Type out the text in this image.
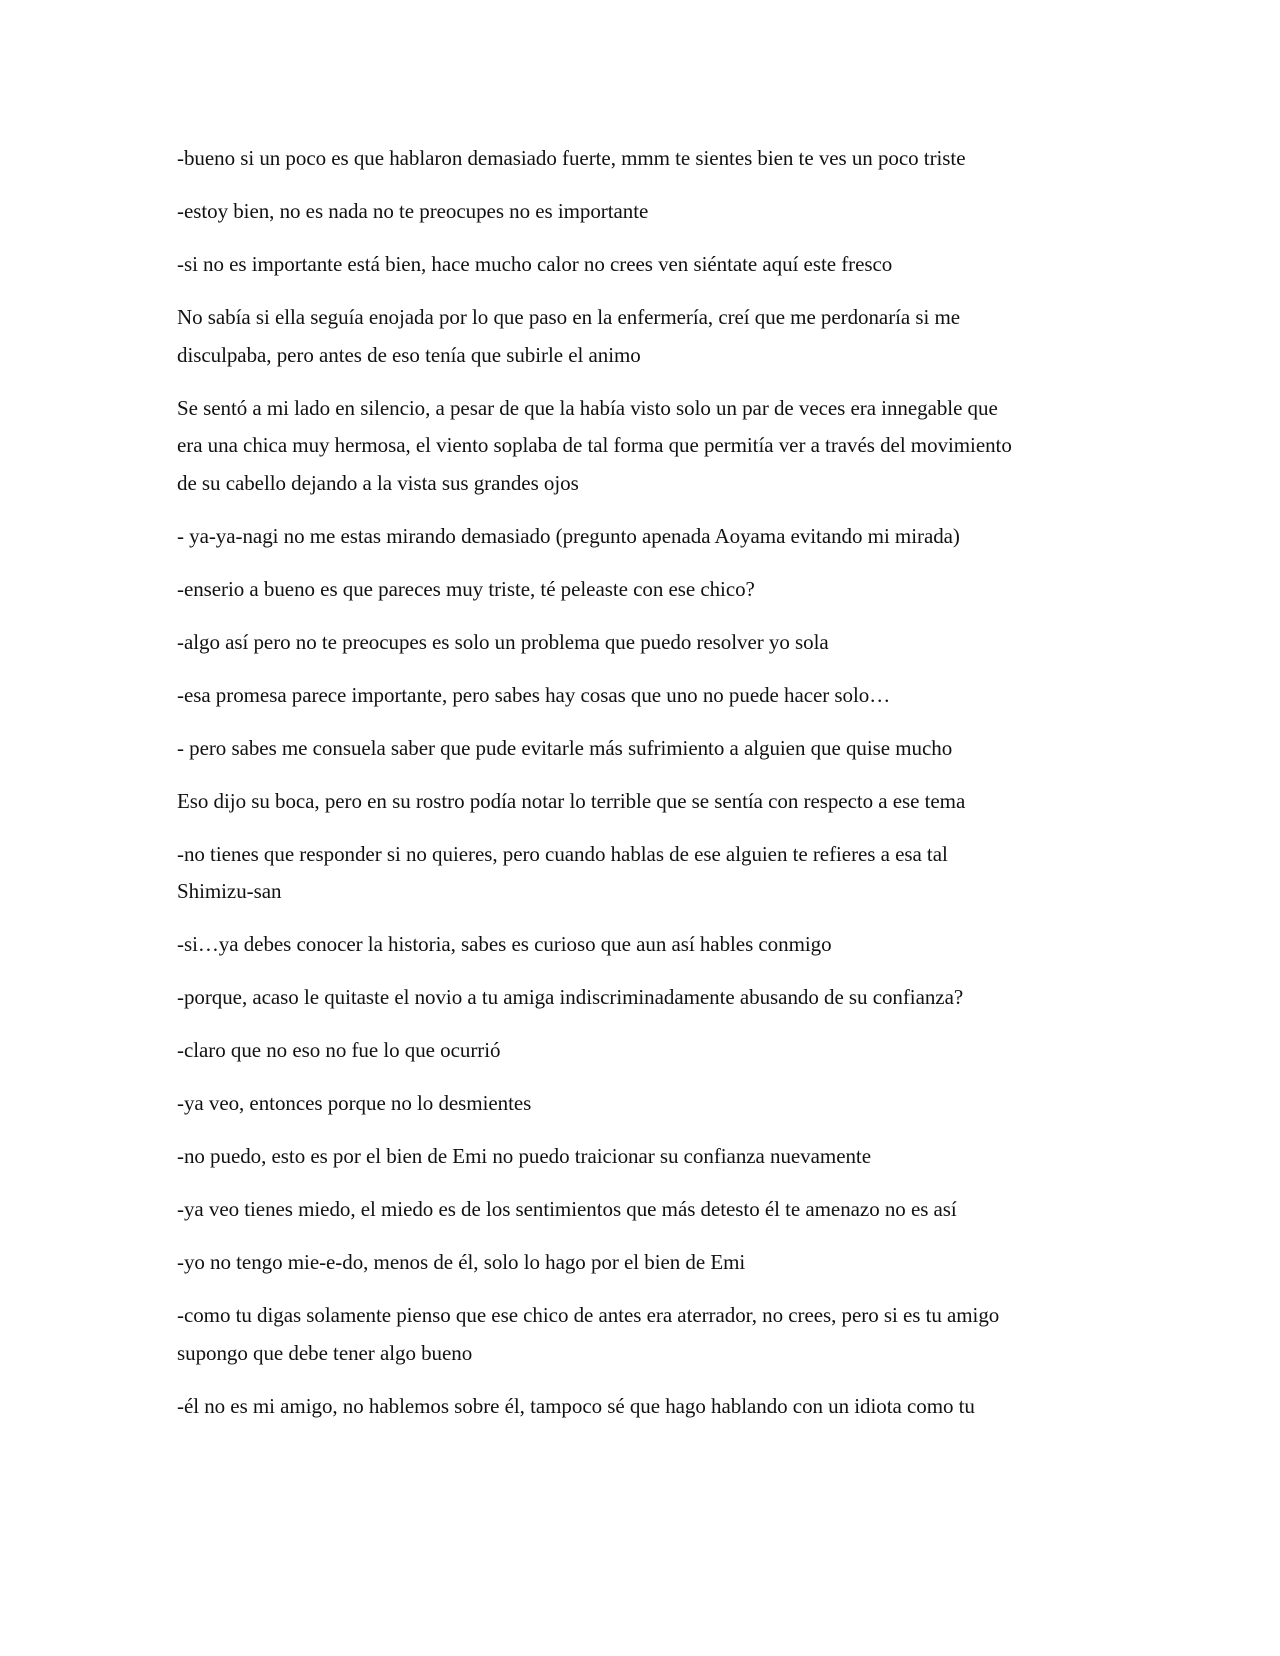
-bueno si un poco es que hablaron demasiado fuerte, mmm te sientes bien te ves un poco triste

-estoy bien, no es nada no te preocupes no es importante

-si no es importante está bien, hace mucho calor no crees ven siéntate aquí este fresco

No sabía si ella seguía enojada por lo que paso en la enfermería, creí que me perdonaría si me
disculpaba, pero antes de eso tenía que subirle el animo

Se sentó a mi lado en silencio, a pesar de que la había visto solo un par de veces era innegable que
era una chica muy hermosa, el viento soplaba de tal forma que permitía ver a través del movimiento
de su cabello dejando a la vista sus grandes ojos

- ya-ya-nagi no me estas mirando demasiado (pregunto apenada Aoyama evitando mi mirada)

-enserio a bueno es que pareces muy triste, té peleaste con ese chico?

-algo así pero no te preocupes es solo un problema que puedo resolver yo sola

-esa promesa parece importante, pero sabes hay cosas que uno no puede hacer solo…

- pero sabes me consuela saber que pude evitarle más sufrimiento a alguien que quise mucho

Eso dijo su boca, pero en su rostro podía notar lo terrible que se sentía con respecto a ese tema

-no tienes que responder si no quieres, pero cuando hablas de ese alguien te refieres a esa tal
Shimizu-san

-si…ya debes conocer la historia, sabes es curioso que aun así hables conmigo

-porque, acaso le quitaste el novio a tu amiga indiscriminadamente abusando de su confianza?

-claro que no eso no fue lo que ocurrió

-ya veo, entonces porque no lo desmientes

-no puedo, esto es por el bien de Emi no puedo traicionar su confianza nuevamente

-ya veo tienes miedo, el miedo es de los sentimientos que más detesto él te amenazo no es así

-yo no tengo mie-e-do, menos de él, solo lo hago por el bien de Emi

-como tu digas solamente pienso que ese chico de antes era aterrador, no crees, pero si es tu amigo
supongo que debe tener algo bueno

-él no es mi amigo, no hablemos sobre él, tampoco sé que hago hablando con un idiota como tu
